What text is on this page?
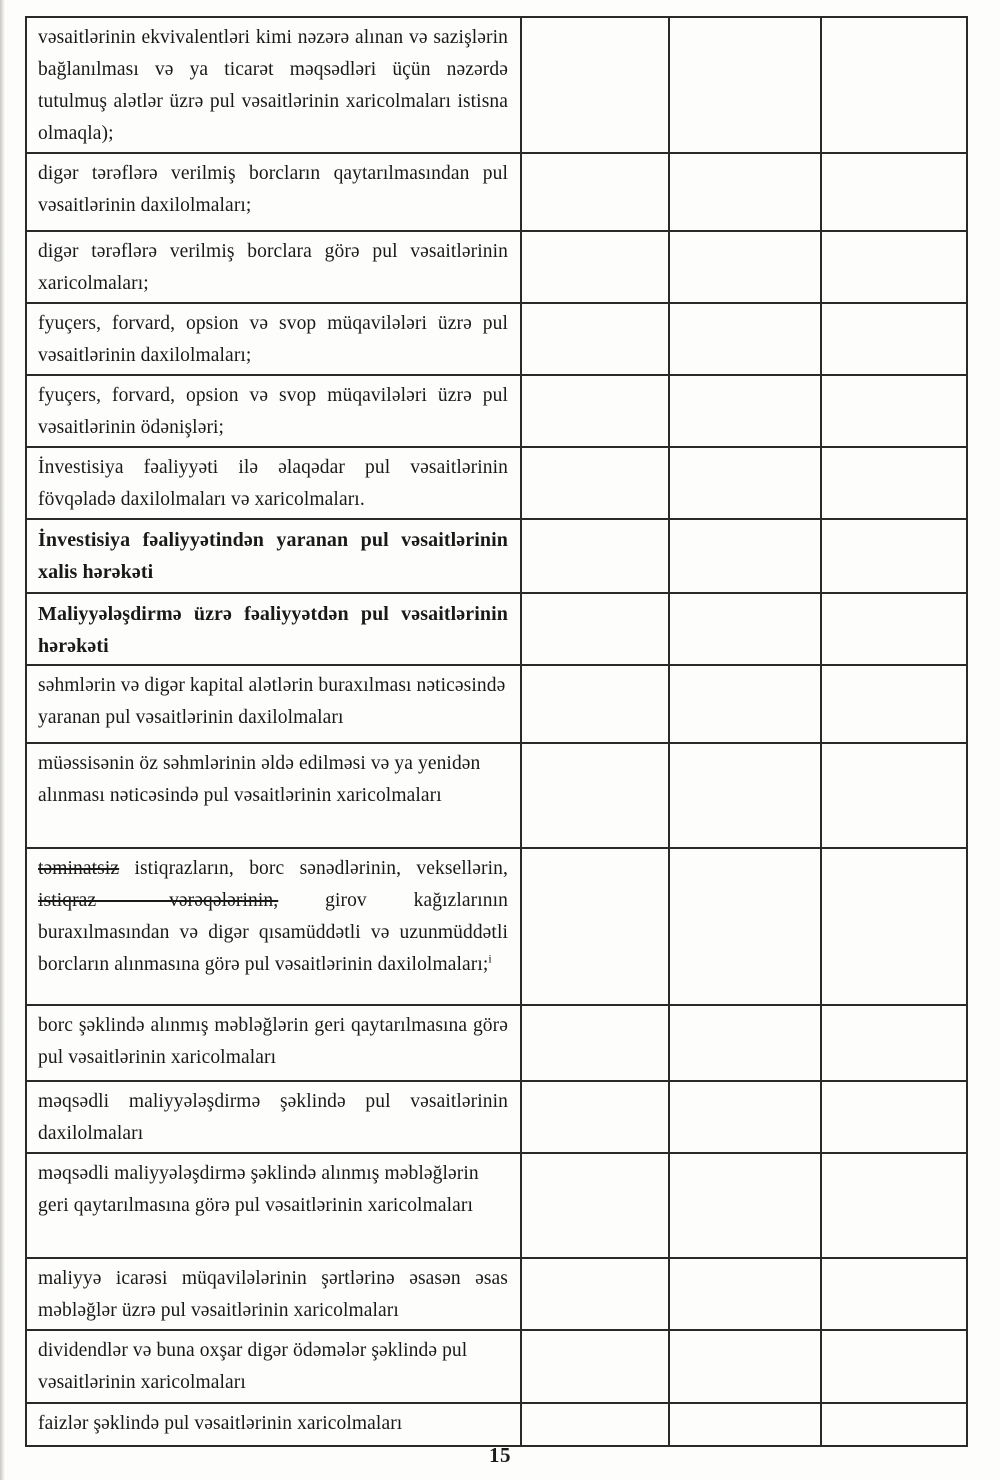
vəsaitlərinin ekvivalentləri kimi nəzərə alınan və sazişlərin bağlanılması və ya ticarət məqsədləri üçün nəzərdə tutulmuş alətlər üzrə pul vəsaitlərinin xaricolmaları istisna olmaqla);			
digər tərəflərə verilmiş borcların qaytarılmasından pul vəsaitlərinin daxilolmaları;			
digər tərəflərə verilmiş borclara görə pul vəsaitlərinin xaricolmaları;			
fyuçers, forvard, opsion və svop müqavilələri üzrə pul vəsaitlərinin daxilolmaları;			
fyuçers, forvard, opsion və svop müqavilələri üzrə pul vəsaitlərinin ödənişləri;			
İnvestisiya fəaliyyəti ilə əlaqədar pul vəsaitlərinin fövqəladə daxilolmaları və xaricolmaları.			
İnvestisiya fəaliyyətindən yaranan pul vəsaitlərinin xalis hərəkəti			
Maliyyələşdirmə üzrə fəaliyyətdən pul vəsaitlərinin hərəkəti			
səhmlərin və digər kapital alətlərin buraxılması nəticəsində yaranan pul vəsaitlərinin daxilolmaları			
müəssisənin öz səhmlərinin əldə edilməsi və ya yenidən alınması nəticəsində pul vəsaitlərinin xaricolmaları			
təminatsiz istiqrazların, borc sənədlərinin, veksellərin, istiqraz vərəqələrinin, girov kağızlarının buraxılmasından və digər qısamüddətli və uzunmüddətli borcların alınmasına görə pul vəsaitlərinin daxilolmaları;$^i$			
borc şəklində alınmış məbləğlərin geri qaytarılmasına görə pul vəsaitlərinin xaricolmaları			
məqsədli maliyyələşdirmə şəklində pul vəsaitlərinin daxilolmaları			
məqsədli maliyyələşdirmə şəklində alınmış məbləğlərin geri qaytarılmasına görə pul vəsaitlərinin xaricolmaları			
maliyyə icarəsi müqavilələrinin şərtlərinə əsasən əsas məbləğlər üzrə pul vəsaitlərinin xaricolmaları			
dividendlər və buna oxşar digər ödəmələr şəklində pul vəsaitlərinin xaricolmaları			
faizlər şəklində pul vəsaitlərinin xaricolmaları			
15
